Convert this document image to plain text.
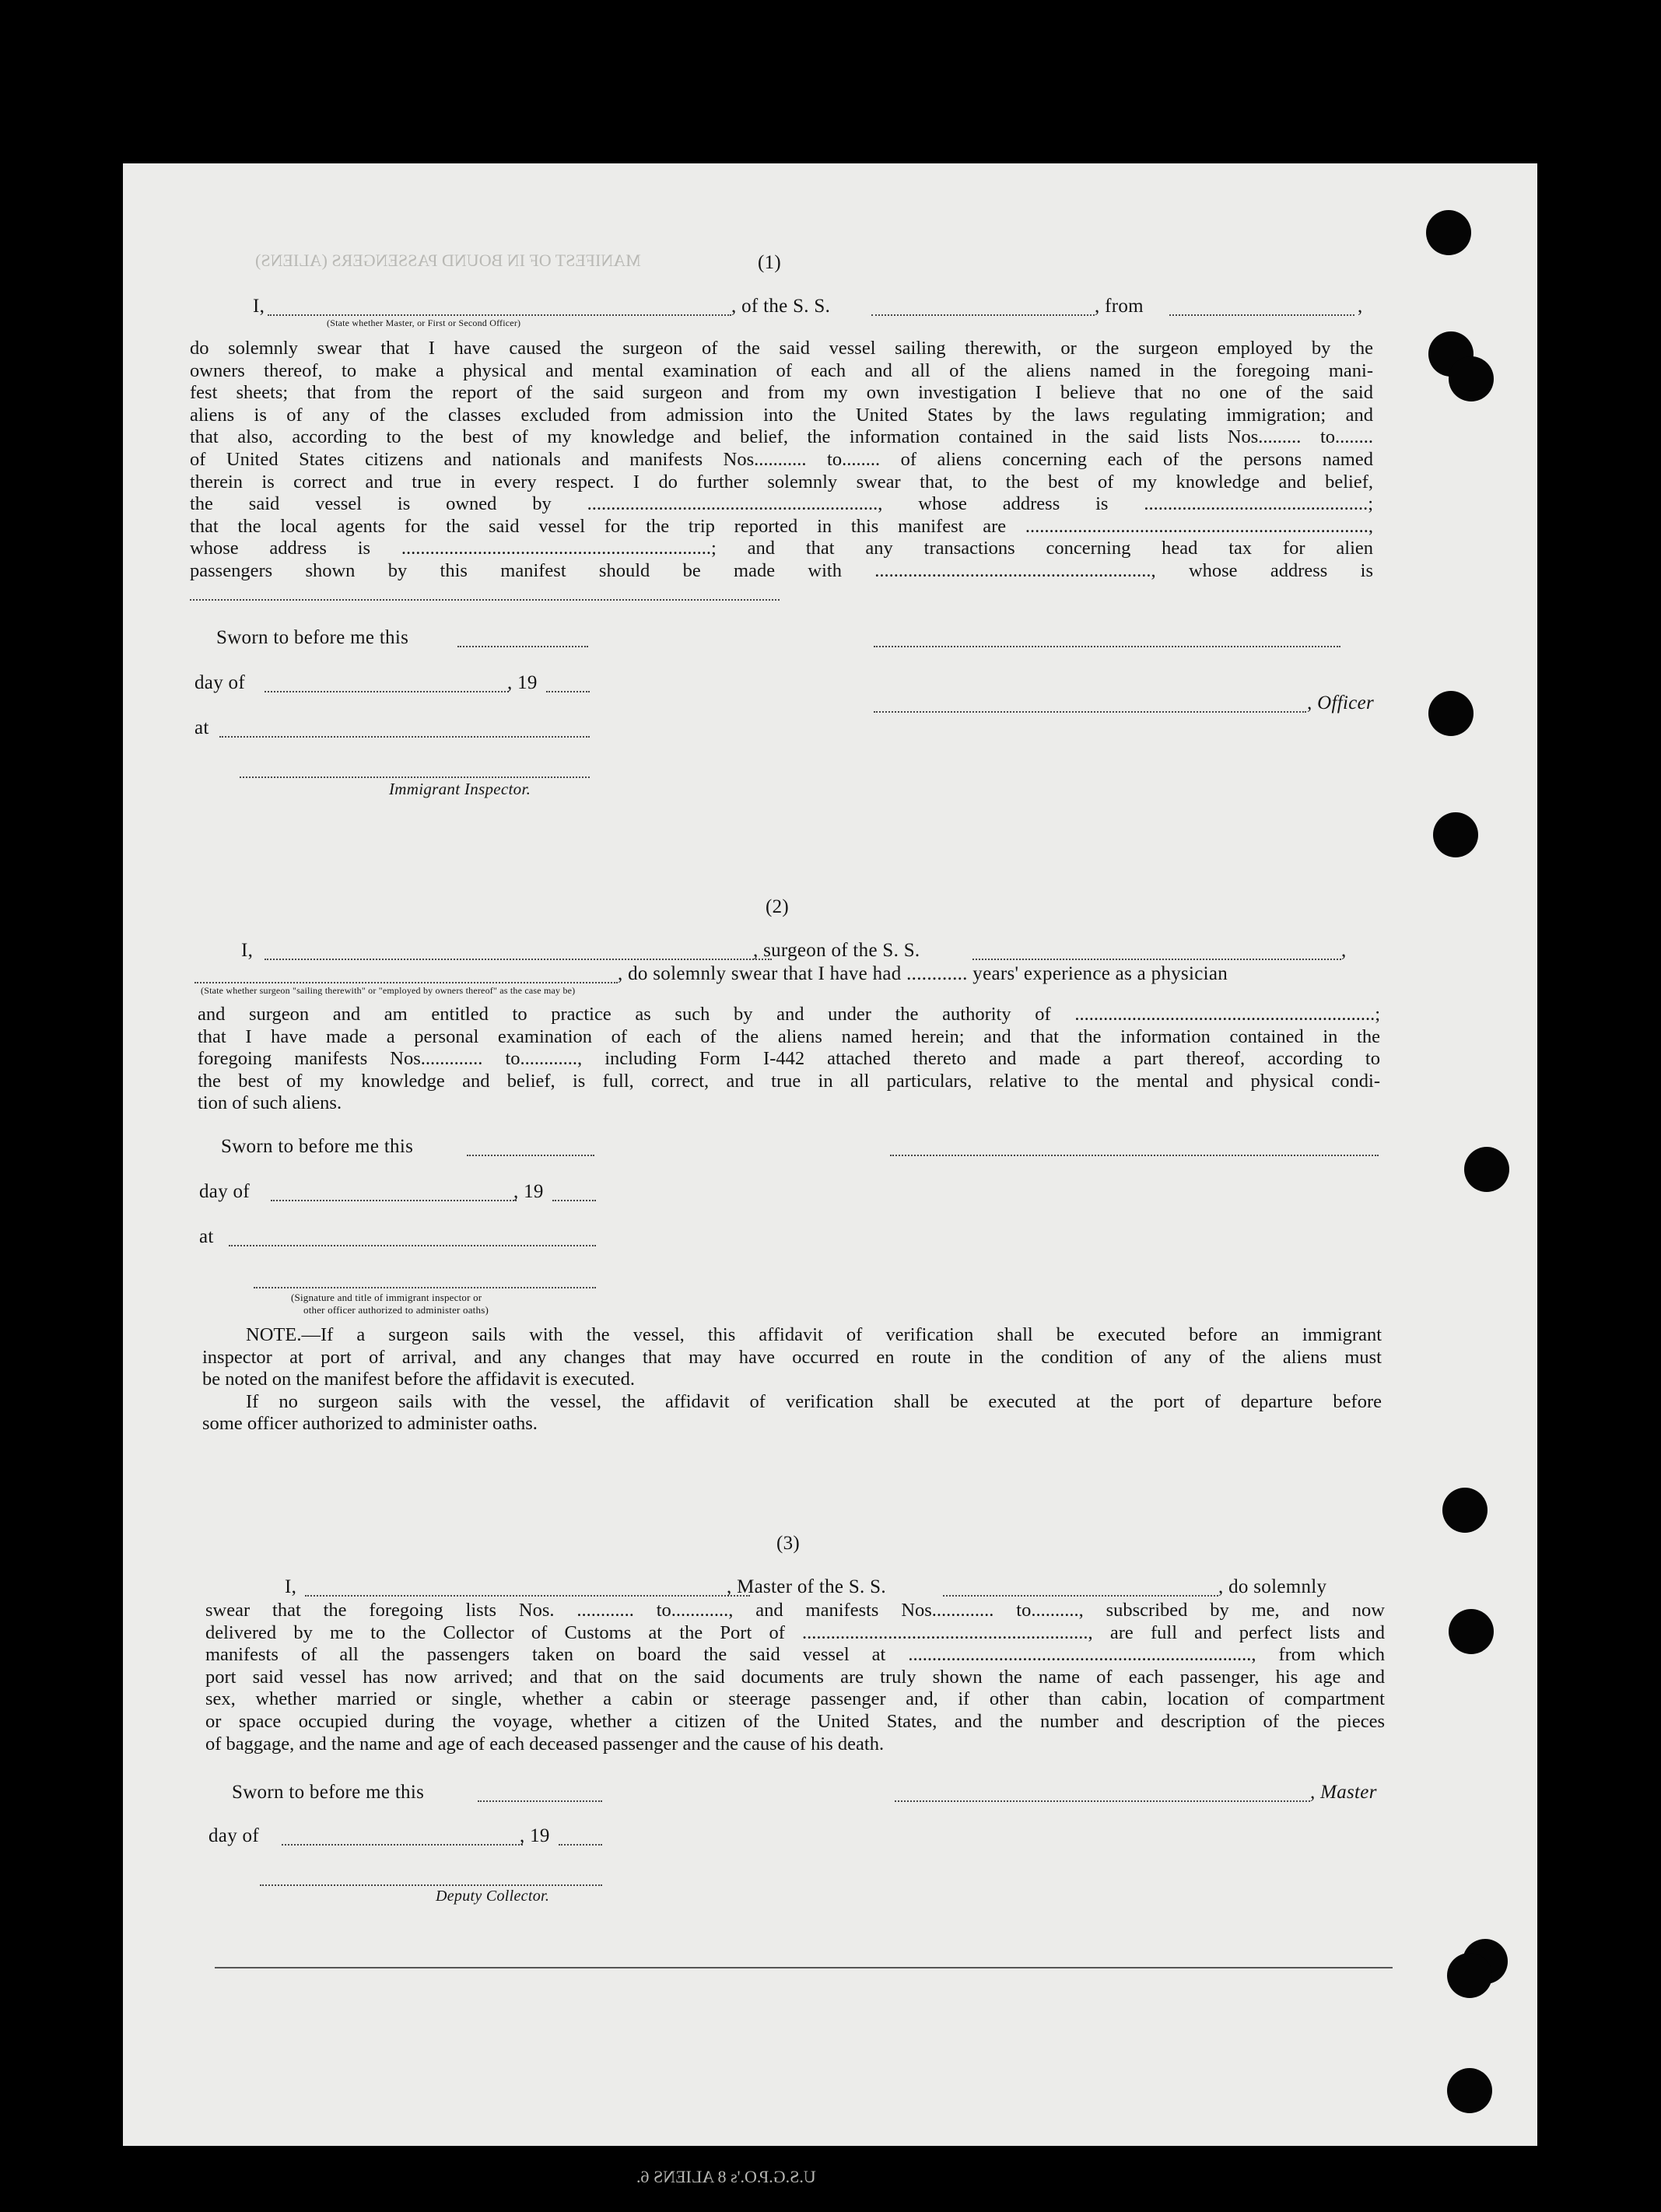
MANIFEST OF IN BOUND PASSENGERS (ALIENS)
U.S.G.P.O.'s 8 ALIENS 6.
(1)
I,
(State whether Master, or First or Second Officer)
, of the S. S.	, from	,

do solemnly swear that I have caused the surgeon of the said vessel sailing therewith, or the surgeon employed by the

owners thereof, to make a physical and mental examination of each and all of the aliens named in the foregoing mani-

fest sheets; that from the report of the said surgeon and from my own investigation I believe that no one of the said

aliens is of any of the classes excluded from admission into the United States by the laws regulating immigration; and

that also, according to the best of my knowledge and belief, the information contained in the said lists Nos......... to........

of United States citizens and nationals and manifests Nos........... to........ of aliens concerning each of the persons named

therein is correct and true in every respect. I do further solemnly swear that, to the best of my knowledge and belief,

the said vessel is owned by ............................................................., whose address is ...............................................;

that the local agents for the said vessel for the trip reported in this manifest are ........................................................................,

whose address is .................................................................; and that any transactions concerning head tax for alien

passengers shown by this manifest should be made with .........................................................., whose address is

Sworn to before me this
day of	, 19
, Officer
at
Immigrant Inspector.
(2)
I,	, surgeon of the S. S.	,
, do solemnly swear that I have had ............ years' experience as a physician
(State whether surgeon "sailing therewith" or "employed by owners thereof" as the case may be)

and surgeon and am entitled to practice as such by and under the authority of ...............................................................;

that I have made a personal examination of each of the aliens named herein; and that the information contained in the

foregoing manifests Nos............. to............, including Form I-442 attached thereto and made a part thereof, according to

the best of my knowledge and belief, is full, correct, and true in all particulars, relative to the mental and physical condi-

tion of such aliens.

Sworn to before me this
day of	, 19
at
(Signature and title of immigrant inspector or
other officer authorized to administer oaths)

NOTE.—If a surgeon sails with the vessel, this affidavit of verification shall be executed before an immigrant

inspector at port of arrival, and any changes that may have occurred en route in the condition of any of the aliens must

be noted on the manifest before the affidavit is executed.

If no surgeon sails with the vessel, the affidavit of verification shall be executed at the port of departure before

some officer authorized to administer oaths.

(3)
I,	, Master of the S. S.	, do solemnly

swear that the foregoing lists Nos. ............ to............, and manifests Nos............. to.........., subscribed by me, and now

delivered by me to the Collector of Customs at the Port of ............................................................, are full and perfect lists and

manifests of all the passengers taken on board the said vessel at ........................................................................, from which

port said vessel has now arrived; and that on the said documents are truly shown the name of each passenger, his age and

sex, whether married or single, whether a cabin or steerage passenger and, if other than cabin, location of compartment

or space occupied during the voyage, whether a citizen of the United States, and the number and description of the pieces

of baggage, and the name and age of each deceased passenger and the cause of his death.

Sworn to before me this	, Master
day of	, 19
Deputy Collector.
